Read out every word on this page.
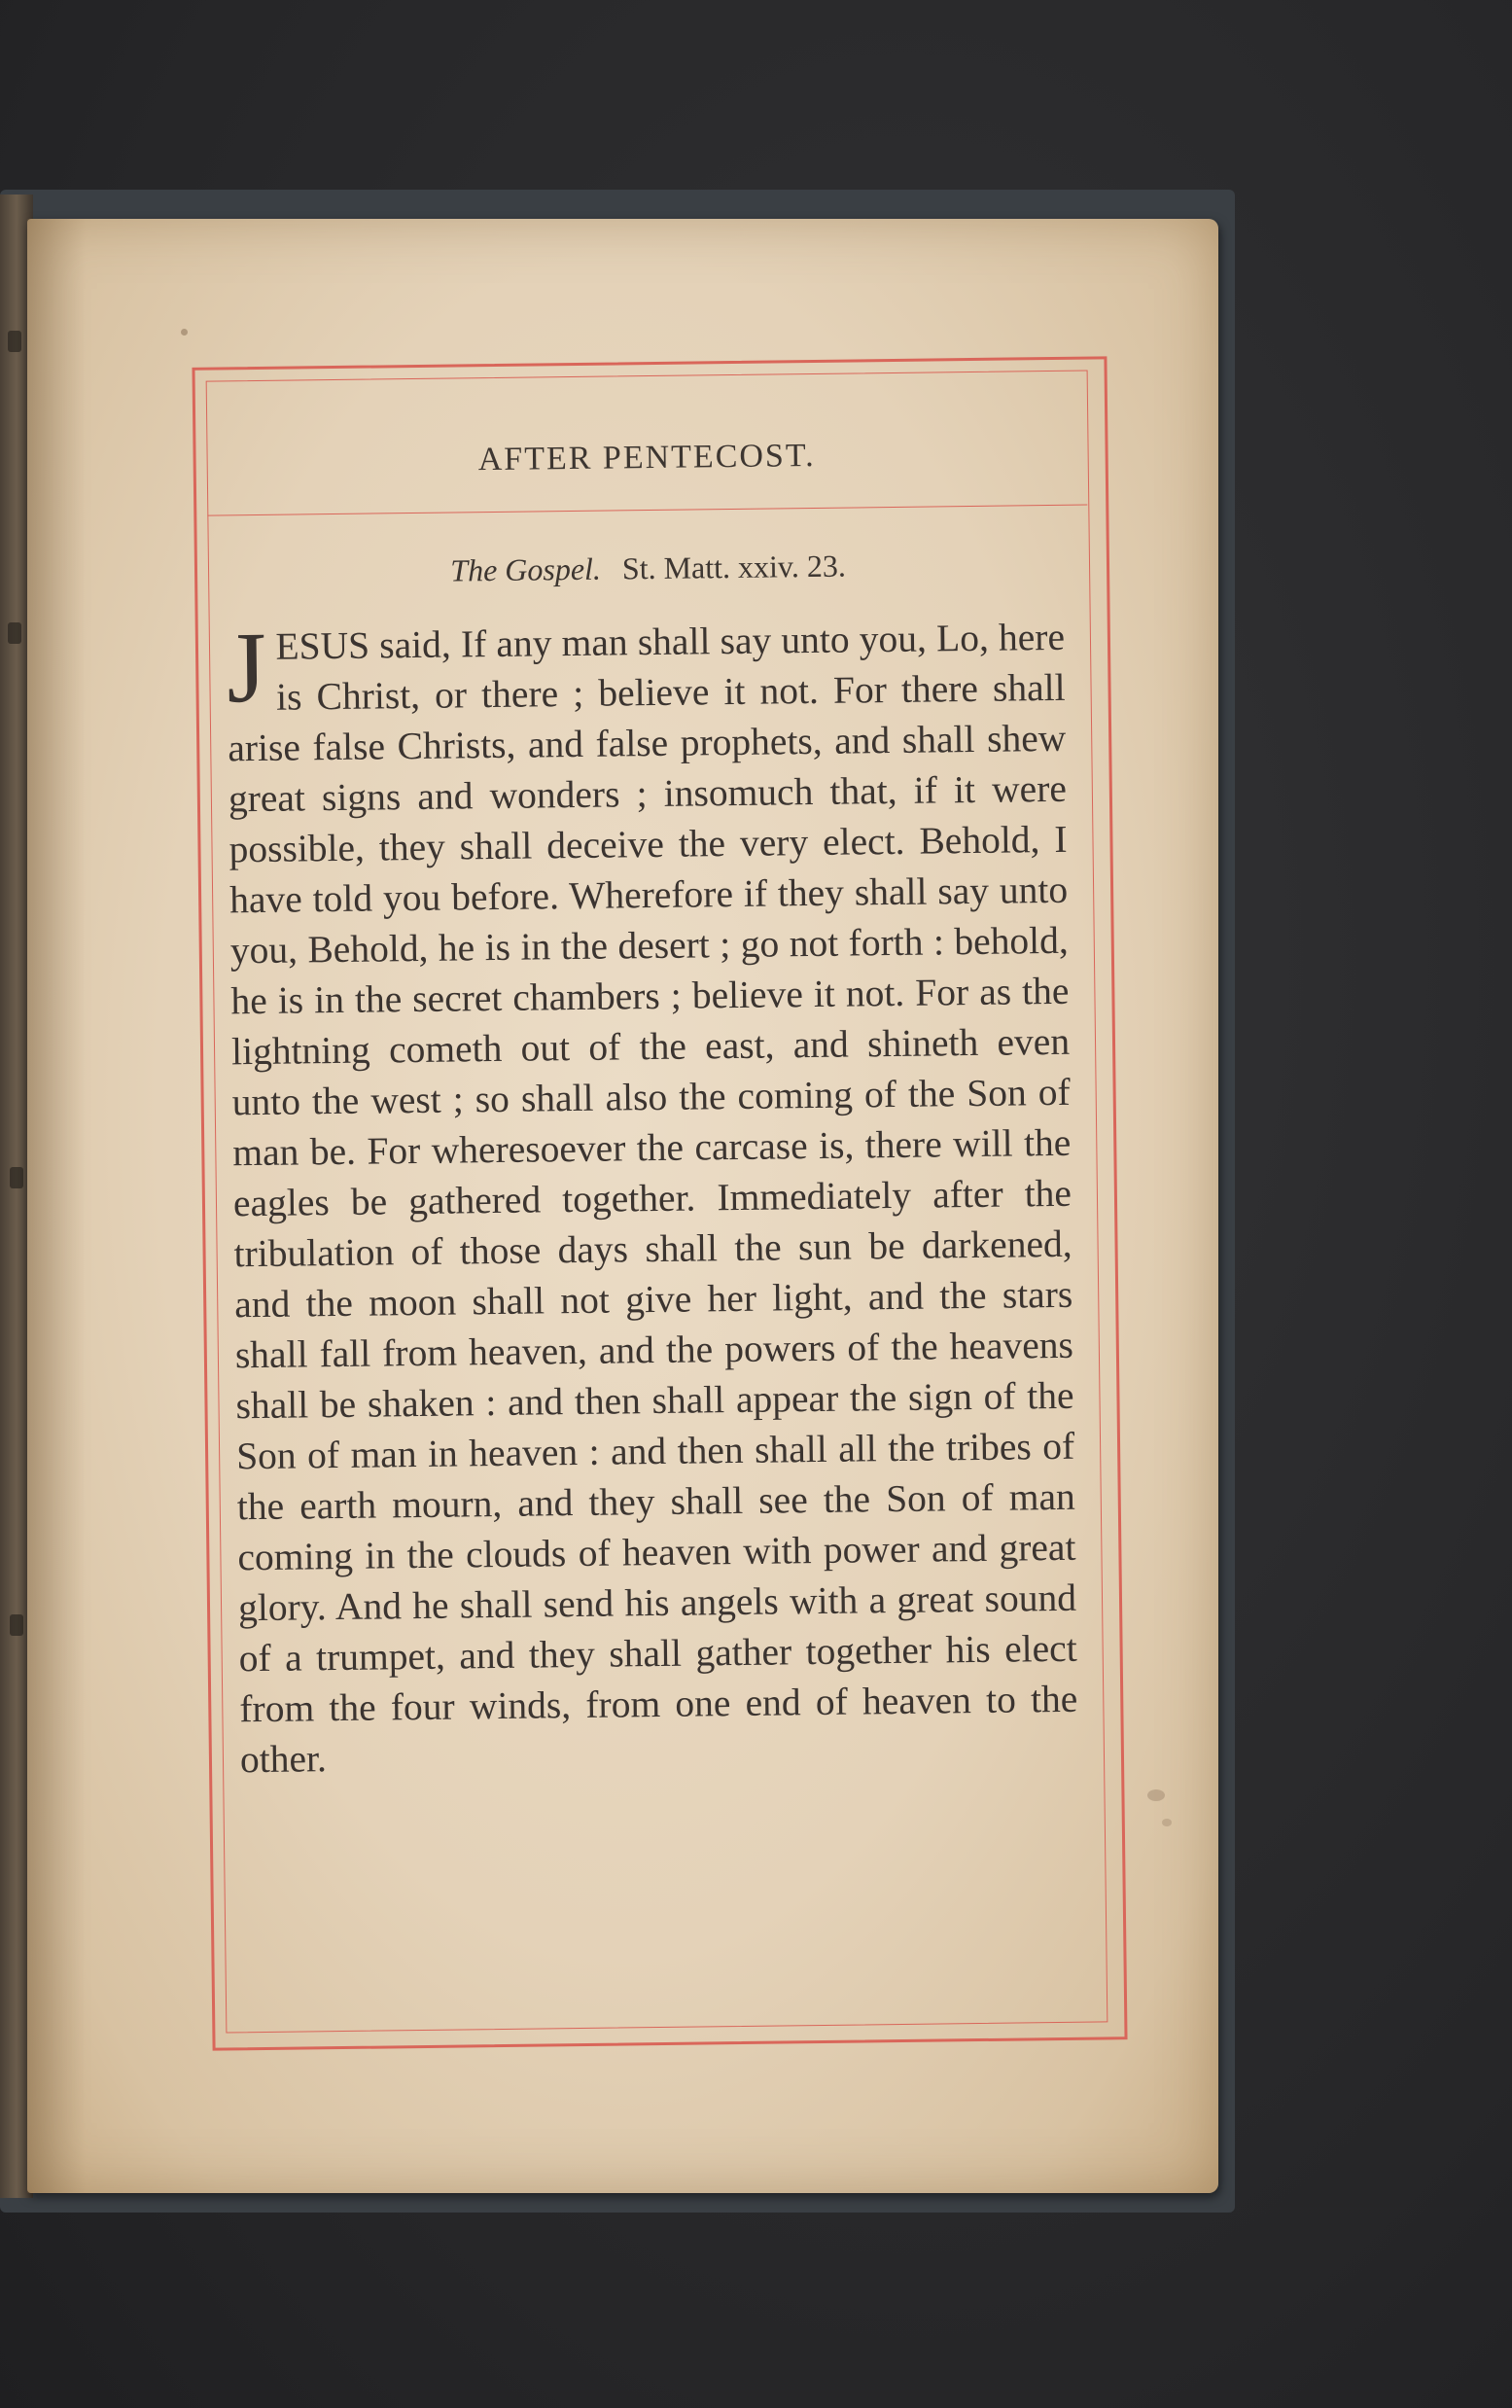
AFTER PENTECOST.
The Gospel. St. Matt. xxiv. 23.
JESUS said, If any man shall say unto you, Lo, here is Christ, or there ; believe it not. For there shall arise false Christs, and false prophets, and shall shew great signs and wonders ; insomuch that, if it were possible, they shall deceive the very elect. Behold, I have told you before. Wherefore if they shall say unto you, Behold, he is in the desert ; go not forth : behold, he is in the secret chambers ; believe it not. For as the lightning cometh out of the east, and shineth even unto the west ; so shall also the coming of the Son of man be. For wheresoever the carcase is, there will the eagles be gathered together. Immediately after the tribulation of those days shall the sun be darkened, and the moon shall not give her light, and the stars shall fall from heaven, and the powers of the heavens shall be shaken : and then shall appear the sign of the Son of man in heaven : and then shall all the tribes of the earth mourn, and they shall see the Son of man coming in the clouds of heaven with power and great glory. And he shall send his angels with a great sound of a trumpet, and they shall gather together his elect from the four winds, from one end of heaven to the other.
